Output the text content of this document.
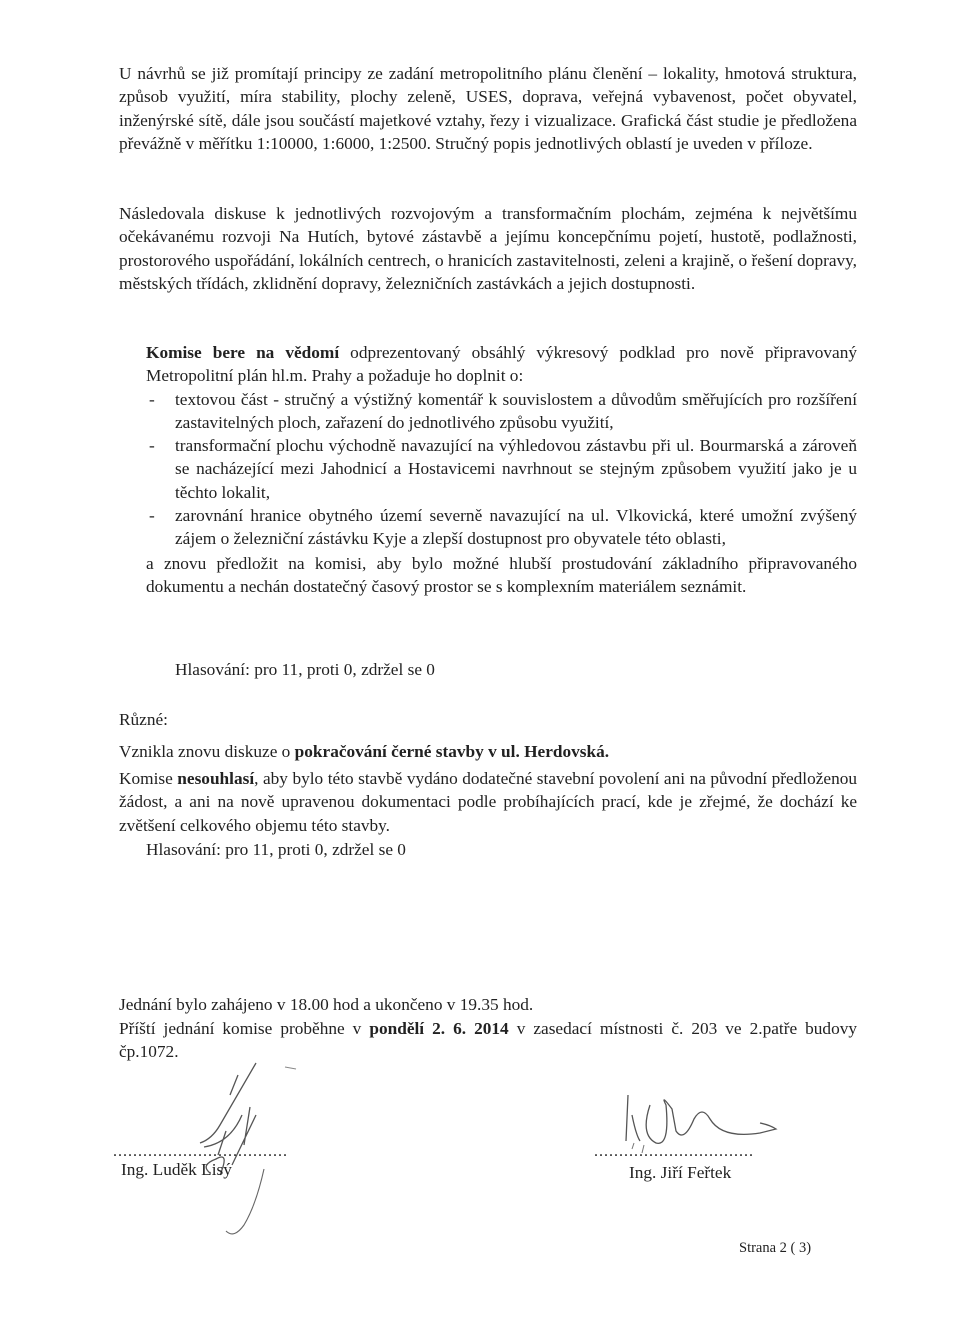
U návrhů se již promítají principy ze zadání metropolitního plánu členění – lokality, hmotová struktura, způsob využití, míra stability, plochy zeleně, USES, doprava, veřejná vybavenost, počet obyvatel, inženýrské sítě, dále jsou součástí majetkové vztahy, řezy i vizualizace. Grafická část studie je předložena převážně v měřítku 1:10000, 1:6000, 1:2500. Stručný popis jednotlivých oblastí je uveden v příloze.

Následovala diskuse k jednotlivých rozvojovým a transformačním plochám, zejména k největšímu očekávanému rozvoji Na Hutích, bytové zástavbě a jejímu koncepčnímu pojetí, hustotě, podlažnosti, prostorového uspořádání, lokálních centrech, o hranicích zastavitelnosti, zeleni a krajině, o řešení dopravy, městských třídách, zklidnění dopravy, železničních zastávkách a jejich dostupnosti.

Komise bere na vědomí odprezentovaný obsáhlý výkresový podklad pro nově připravovaný Metropolitní plán hl.m. Prahy a požaduje ho doplnit o:

- textovou část - stručný a výstižný komentář k souvislostem a důvodům směřujících pro rozšíření zastavitelných ploch, zařazení do jednotlivého způsobu využití,
- transformační plochu východně navazující na výhledovou zástavbu při ul. Bourmarská a zároveň se nacházející mezi Jahodnicí a Hostavicemi navrhnout se stejným způsobem využití jako je u těchto lokalit,
- zarovnání hranice obytného území severně navazující na ul. Vlkovická, které umožní zvýšený zájem o železniční zástávku Kyje a zlepší dostupnost pro obyvatele této oblasti,

a znovu předložit na komisi, aby bylo možné hlubší prostudování základního připravovaného dokumentu a nechán dostatečný časový prostor se s komplexním materiálem seznámit.

Hlasování: pro 11, proti 0, zdržel se 0

Různé:

Vznikla znovu diskuze o pokračování černé stavby v ul. Herdovská.

Komise nesouhlasí, aby bylo této stavbě vydáno dodatečné stavební povolení ani na původní předloženou žádost, a ani na nově upravenou dokumentaci podle probíhajících prací, kde je zřejmé, že dochází ke zvětšení celkového objemu této stavby.

Hlasování: pro 11, proti 0, zdržel se 0

Jednání bylo zahájeno v 18.00 hod a ukončeno v 19.35 hod.

Příští jednání komise proběhne v pondělí 2. 6. 2014 v zasedací místnosti č. 203 ve 2.patře budovy čp.1072.

...................................

Ing. Luděk Lisý

................................

Ing. Jiří Feřtek

Strana 2 ( 3)
